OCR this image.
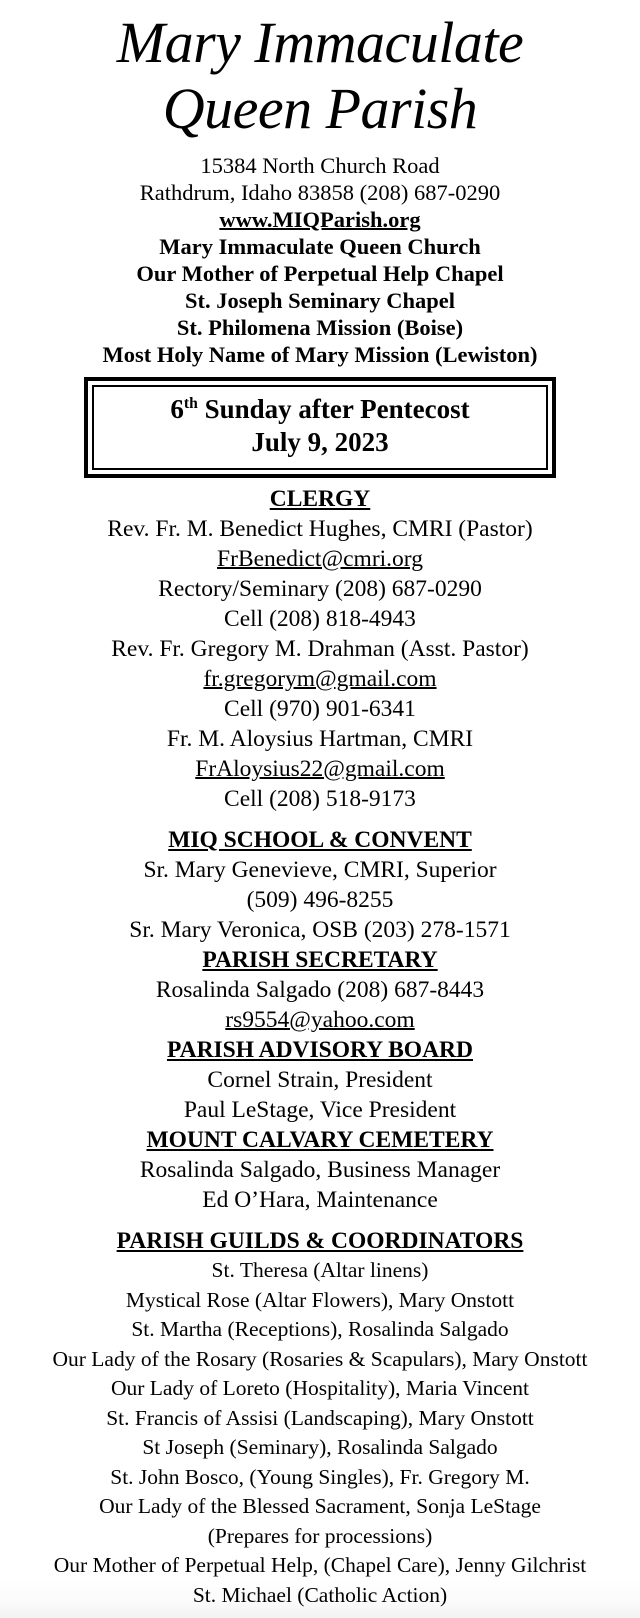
Mary Immaculate
Queen Parish
15384 North Church Road
Rathdrum, Idaho 83858 (208) 687-0290
www.MIQParish.org
Mary Immaculate Queen Church
Our Mother of Perpetual Help Chapel
St. Joseph Seminary Chapel
St. Philomena Mission (Boise)
Most Holy Name of Mary Mission (Lewiston)
6th Sunday after Pentecost
July 9, 2023
CLERGY
Rev. Fr. M. Benedict Hughes, CMRI (Pastor)
FrBenedict@cmri.org
Rectory/Seminary (208) 687-0290
Cell (208) 818-4943
Rev. Fr. Gregory M. Drahman (Asst. Pastor)
fr.gregorym@gmail.com
Cell (970) 901-6341
Fr. M. Aloysius Hartman, CMRI
FrAloysius22@gmail.com
Cell (208) 518-9173
MIQ SCHOOL & CONVENT
Sr. Mary Genevieve, CMRI, Superior
(509) 496-8255
Sr. Mary Veronica, OSB (203) 278-1571
PARISH SECRETARY
Rosalinda Salgado (208) 687-8443
rs9554@yahoo.com
PARISH ADVISORY BOARD
Cornel Strain, President
Paul LeStage, Vice President
MOUNT CALVARY CEMETERY
Rosalinda Salgado, Business Manager
Ed O’Hara, Maintenance
PARISH GUILDS & COORDINATORS
St. Theresa (Altar linens)
Mystical Rose (Altar Flowers), Mary Onstott
St. Martha (Receptions), Rosalinda Salgado
Our Lady of the Rosary (Rosaries & Scapulars), Mary Onstott
Our Lady of Loreto (Hospitality), Maria Vincent
St. Francis of Assisi (Landscaping), Mary Onstott
St Joseph (Seminary), Rosalinda Salgado
St. John Bosco, (Young Singles), Fr. Gregory M.
Our Lady of the Blessed Sacrament, Sonja LeStage
(Prepares for processions)
Our Mother of Perpetual Help, (Chapel Care), Jenny Gilchrist
St. Michael (Catholic Action)
